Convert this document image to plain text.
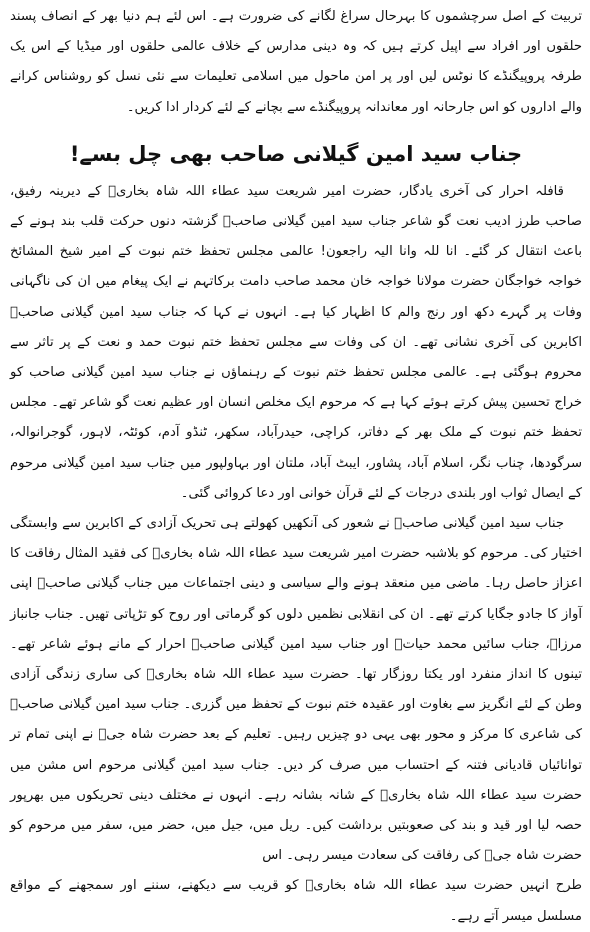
تربیت کے اصل سرچشموں کا بہرحال سراغ لگانے کی ضرورت ہے۔ اس لئے ہم دنیا بھر کے انصاف پسند حلقوں اور افراد سے اپیل کرتے ہیں کہ وہ دینی مدارس کے خلاف عالمی حلقوں اور میڈیا کے اس یک طرفہ پروپیگنڈے کا نوٹس لیں اور پر امن ماحول میں اسلامی تعلیمات سے نئی نسل کو روشناس کرانے والے اداروں کو اس جارحانہ اور معاندانہ پروپیگنڈے سے بچانے کے لئے کردار ادا کریں۔

جناب سید امین گیلانی صاحب بھی چل بسے!

قافلہ احرار کی آخری یادگار، حضرت امیر شریعت سید عطاء اللہ شاہ بخاریؒ کے دیرینہ رفیق، صاحب طرز ادیب نعت گو شاعر جناب سید امین گیلانی صاحبؒ گزشتہ دنوں حرکت قلب بند ہونے کے باعث انتقال کر گئے۔ انا للہ وانا الیہ راجعون! عالمی مجلس تحفظ ختم نبوت کے امیر شیخ المشائخ خواجہ خواجگان حضرت مولانا خواجہ خان محمد صاحب دامت برکاتہم نے ایک پیغام میں ان کی ناگہانی وفات پر گہرے دکھ اور رنج والم کا اظہار کیا ہے۔ انہوں نے کہا کہ جناب سید امین گیلانی صاحبؒ اکابرین کی آخری نشانی تھے۔ ان کی وفات سے مجلس تحفظ ختم نبوت حمد و نعت کے پر تاثر سے محروم ہوگئی ہے۔ عالمی مجلس تحفظ ختم نبوت کے رہنماؤں نے جناب سید امین گیلانی صاحب کو خراج تحسین پیش کرتے ہوئے کہا ہے کہ مرحوم ایک مخلص انسان اور عظیم نعت گو شاعر تھے۔ مجلس تحفظ ختم نبوت کے ملک بھر کے دفاتر، کراچی، حیدرآباد، سکھر، ٹنڈو آدم، کوئٹہ، لاہور، گوجرانوالہ، سرگودھا، چناب نگر، اسلام آباد، پشاور، ایبٹ آباد، ملتان اور بہاولپور میں جناب سید امین گیلانی مرحوم کے ایصال ثواب اور بلندی درجات کے لئے قرآن خوانی اور دعا کروائی گئی۔

جناب سید امین گیلانی صاحبؒ نے شعور کی آنکھیں کھولتے ہی تحریک آزادی کے اکابرین سے وابستگی اختیار کی۔ مرحوم کو بلاشبہ حضرت امیر شریعت سید عطاء اللہ شاہ بخاریؒ کی فقید المثال رفاقت کا اعزاز حاصل رہا۔ ماضی میں منعقد ہونے والے سیاسی و دینی اجتماعات میں جناب گیلانی صاحبؒ اپنی آواز کا جادو جگایا کرتے تھے۔ ان کی انقلابی نظمیں دلوں کو گرماتی اور روح کو تڑپاتی تھیں۔ جناب جانباز مرزاؒ، جناب سائیں محمد حیاتؒ اور جناب سید امین گیلانی صاحبؒ احرار کے مانے ہوئے شاعر تھے۔ تینوں کا انداز منفرد اور یکتا روزگار تھا۔ حضرت سید عطاء اللہ شاہ بخاریؒ کی ساری زندگی آزادی وطن کے لئے انگریز سے بغاوت اور عقیدہ ختم نبوت کے تحفظ میں گزری۔ جناب سید امین گیلانی صاحبؒ کی شاعری کا مرکز و محور بھی یہی دو چیزیں رہیں۔ تعلیم کے بعد حضرت شاہ جیؒ نے اپنی تمام تر توانائیاں قادیانی فتنہ کے احتساب میں صرف کر دیں۔ جناب سید امین گیلانی مرحوم اس مشن میں حضرت سید عطاء اللہ شاہ بخاریؒ کے شانہ بشانہ رہے۔ انہوں نے مختلف دینی تحریکوں میں بھرپور حصہ لیا اور قید و بند کی صعوبتیں برداشت کیں۔ ریل میں، جیل میں، حضر میں، سفر میں مرحوم کو حضرت شاہ جیؒ کی رفاقت کی سعادت میسر رہی۔ اس

طرح انہیں حضرت سید عطاء اللہ شاہ بخاریؒ کو قریب سے دیکھنے، سننے اور سمجھنے کے مواقع مسلسل میسر آتے رہے۔
